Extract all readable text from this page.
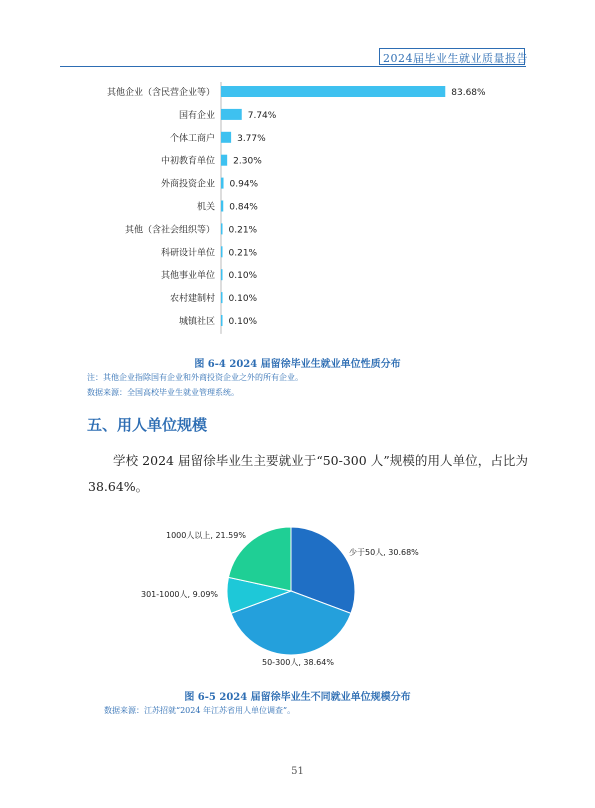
2024届毕业生就业质量报告
其他企业（含民营企业等）	83.68%
国有企业	7.74%
个体工商户 3.77%
中初教育单位 2.30%
外商投资企业 0.94%
机关 0.84%
其他（含社会组织等） 0.21%
科研设计单位 0.21%
其他事业单位 0.10%
农村建制村 0.10%
城镇社区 0.10%
图 6-4 2024 届留徐毕业生就业单位性质分布
注：其他企业指除国有企业和外商投资企业之外的所有企业。
数据来源：全国高校毕业生就业管理系统。
五、用人单位规模
学校 2024 届留徐毕业生主要就业于“50-300 人”规模的用人单位，占比为 38.64%。
少于50人, 30.68%
50-300人, 38.64%
301-1000人, 9.09%
1000人以上, 21.59%
图 6-5 2024 届留徐毕业生不同就业单位规模分布
数据来源：江苏招就“2024 年江苏省用人单位调查”。
51
